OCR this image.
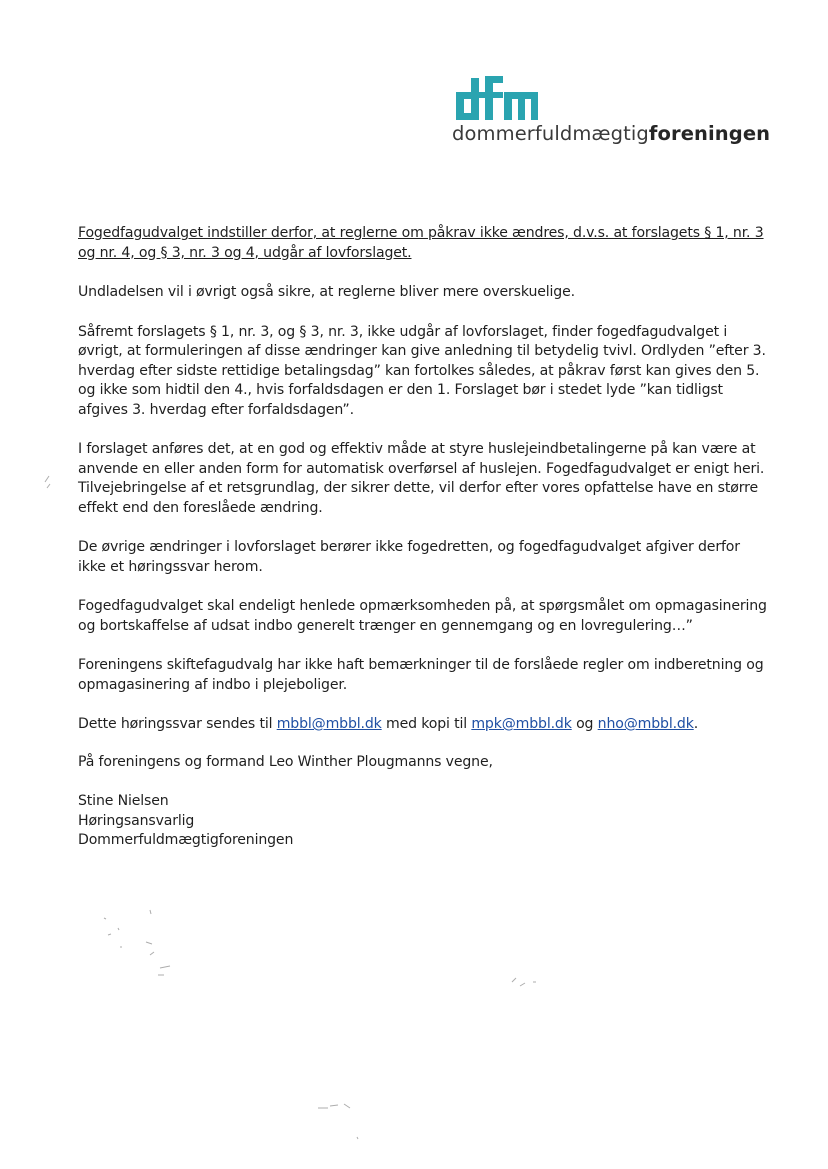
dommerfuldmægtigforeningen

Fogedfagudvalget indstiller derfor, at reglerne om påkrav ikke ændres, d.v.s. at forslagets § 1, nr. 3 og nr. 4, og § 3, nr. 3 og 4, udgår af lovforslaget.

Undladelsen vil i øvrigt også sikre, at reglerne bliver mere overskuelige.

Såfremt forslagets § 1, nr. 3, og § 3, nr. 3, ikke udgår af lovforslaget, finder fogedfagudvalget i øvrigt, at formuleringen af disse ændringer kan give anledning til betydelig tvivl. Ordlyden ”efter 3. hverdag efter sidste rettidige betalingsdag” kan fortolkes således, at påkrav først kan gives den 5. og ikke som hidtil den 4., hvis forfaldsdagen er den 1. Forslaget bør i stedet lyde ”kan tidligst afgives 3. hverdag efter forfaldsdagen”.

I forslaget anføres det, at en god og effektiv måde at styre huslejeindbetalingerne på kan være at anvende en eller anden form for automatisk overførsel af huslejen. Fogedfagudvalget er enigt heri. Tilvejebringelse af et retsgrundlag, der sikrer dette, vil derfor efter vores opfattelse have en større effekt end den foreslåede ændring.

De øvrige ændringer i lovforslaget berører ikke fogedretten, og fogedfagudvalget afgiver derfor ikke et høringssvar herom.

Fogedfagudvalget skal endeligt henlede opmærksomheden på, at spørgsmålet om opmagasinering og bortskaffelse af udsat indbo generelt trænger en gennemgang og en lovregulering…”

Foreningens skiftefagudvalg har ikke haft bemærkninger til de forslåede regler om indberetning og opmagasinering af indbo i plejeboliger.

Dette høringssvar sendes til mbbl@mbbl.dk med kopi til mpk@mbbl.dk og nho@mbbl.dk.

På foreningens og formand Leo Winther Plougmanns vegne,

Stine Nielsen
Høringsansvarlig
Dommerfuldmægtigforeningen
